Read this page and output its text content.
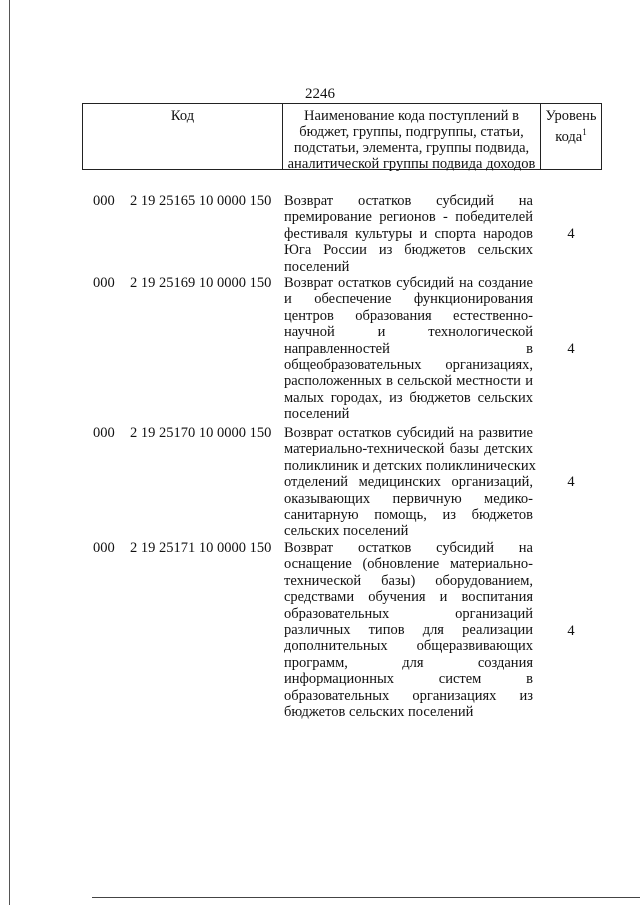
2246
Код	Наименование кода поступлений в
бюджет, группы, подгруппы, статьи,
подстатьи, элемента, группы подвида,
аналитической группы подвида доходов
Уровень
кода$^1$
000 2 19 25165 10 0000 150 Возврат остатков субсидий на
премирование регионов - победителей
фестиваля культуры и спорта народов
Юга России из бюджетов сельских
поселений
4
000 2 19 25169 10 0000 150 Возврат остатков субсидий на создание
и обеспечение функционирования
центров образования естественно-
научной и технологической
направленностей в
общеобразовательных организациях,
расположенных в сельской местности и
малых городах, из бюджетов сельских
поселений
4
000 2 19 25170 10 0000 150 Возврат остатков субсидий на развитие
материально-технической базы детских
поликлиник и детских поликлинических
отделений медицинских организаций,
оказывающих первичную медико-
санитарную помощь, из бюджетов
сельских поселений
4
000 2 19 25171 10 0000 150 Возврат остатков субсидий на
оснащение (обновление материально-
технической базы) оборудованием,
средствами обучения и воспитания
образовательных организаций
различных типов для реализации
дополнительных общеразвивающих
программ, для создания
информационных систем в
образовательных организациях из
бюджетов сельских поселений
4
